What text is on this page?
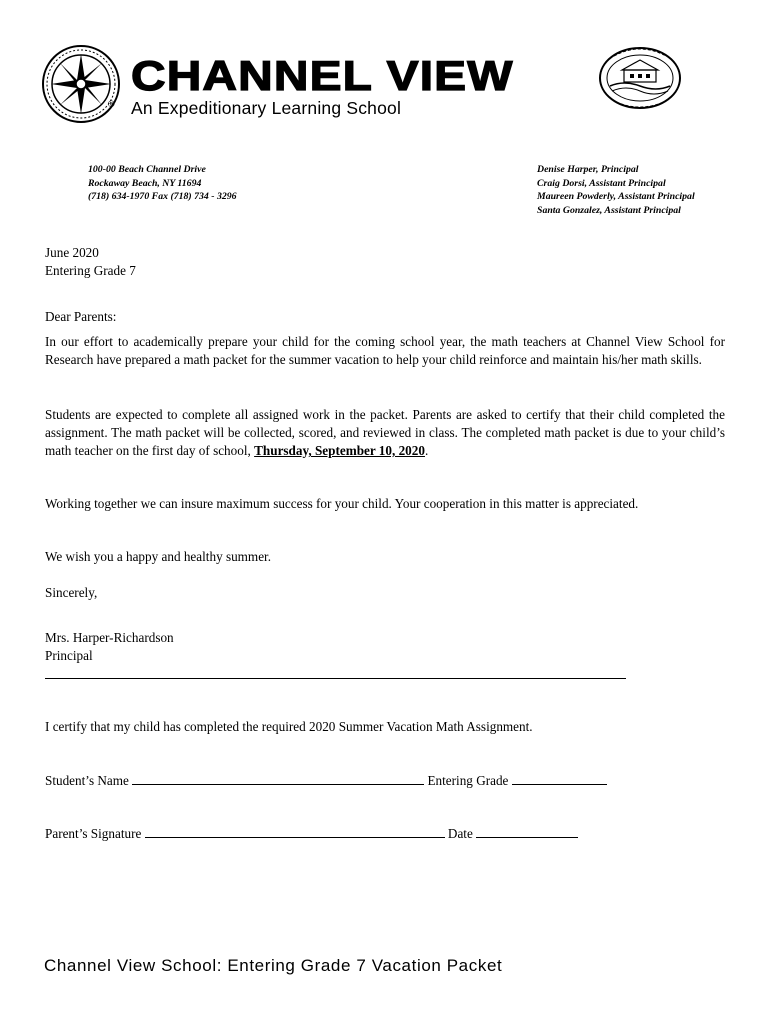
®
CHANNEL VIEW
An Expeditionary Learning School
100-00 Beach Channel Drive
Rockaway Beach, NY 11694
(718) 634-1970 Fax (718) 734 - 3296
Denise Harper, Principal
Craig Dorsi, Assistant Principal
Maureen Powderly, Assistant Principal
Santa Gonzalez, Assistant Principal
June 2020
Entering Grade 7
Dear Parents:
In our effort to academically prepare your child for the coming school year, the math teachers at Channel View School for Research have prepared a math packet for the summer vacation to help your child reinforce and maintain his/her math skills.
Students are expected to complete all assigned work in the packet. Parents are asked to certify that their child completed the assignment. The math packet will be collected, scored, and reviewed in class. The completed math packet is due to your child’s math teacher on the first day of school, Thursday, September 10, 2020.
Working together we can insure maximum success for your child. Your cooperation in this matter is appreciated.
We wish you a happy and healthy summer.
Sincerely,
Mrs. Harper-Richardson
Principal
I certify that my child has completed the required 2020 Summer Vacation Math Assignment.
Student’s Name	Entering Grade
Parent’s Signature	Date
Channel View School: Entering Grade 7 Vacation Packet
